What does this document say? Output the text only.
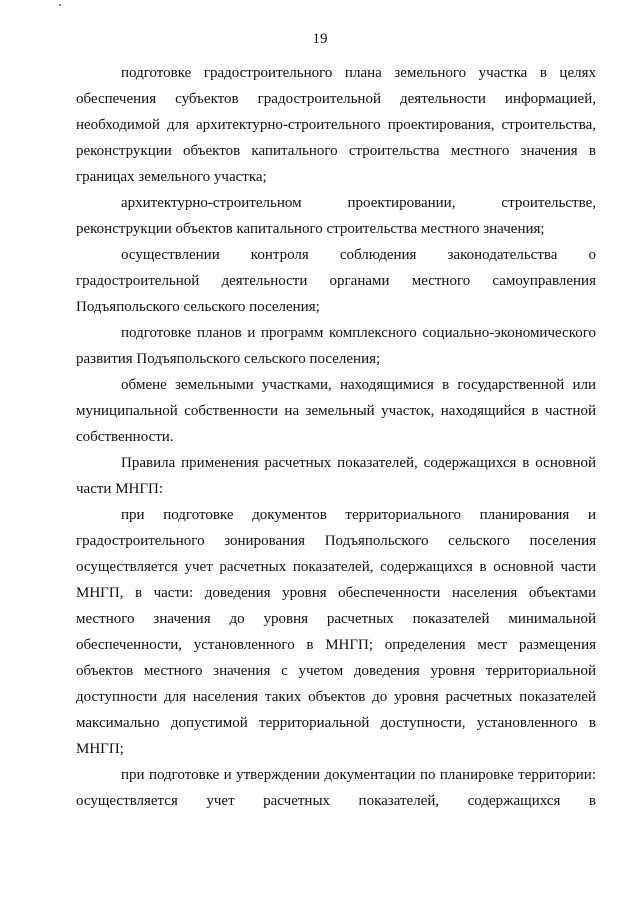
19

подготовке градостроительного плана земельного участка в целях обеспечения субъектов градостроительной деятельности информацией, необходимой для архитектурно-строительного проектирования, строительства, реконструкции объектов капитального строительства местного значения в границах земельного участка;

архитектурно-строительном проектировании, строительстве, реконструкции объектов капитального строительства местного значения;

осуществлении контроля соблюдения законодательства о градостроительной деятельности органами местного самоуправления Подъяпольского сельского поселения;

подготовке планов и программ комплексного социально-экономического развития Подъяпольского сельского поселения;

обмене земельными участками, находящимися в государственной или муниципальной собственности на земельный участок, находящийся в частной собственности.

Правила применения расчетных показателей, содержащихся в основной части МНГП:

при подготовке документов территориального планирования и градостроительного зонирования Подъяпольского сельского поселения осуществляется учет расчетных показателей, содержащихся в основной части МНГП, в части: доведения уровня обеспеченности населения объектами местного значения до уровня расчетных показателей минимальной обеспеченности, установленного в МНГП; определения мест размещения объектов местного значения с учетом доведения уровня территориальной доступности для населения таких объектов до уровня расчетных показателей максимально допустимой территориальной доступности, установленного в МНГП;

при подготовке и утверждении документации по планировке территории: осуществляется учет расчетных показателей, содержащихся в
